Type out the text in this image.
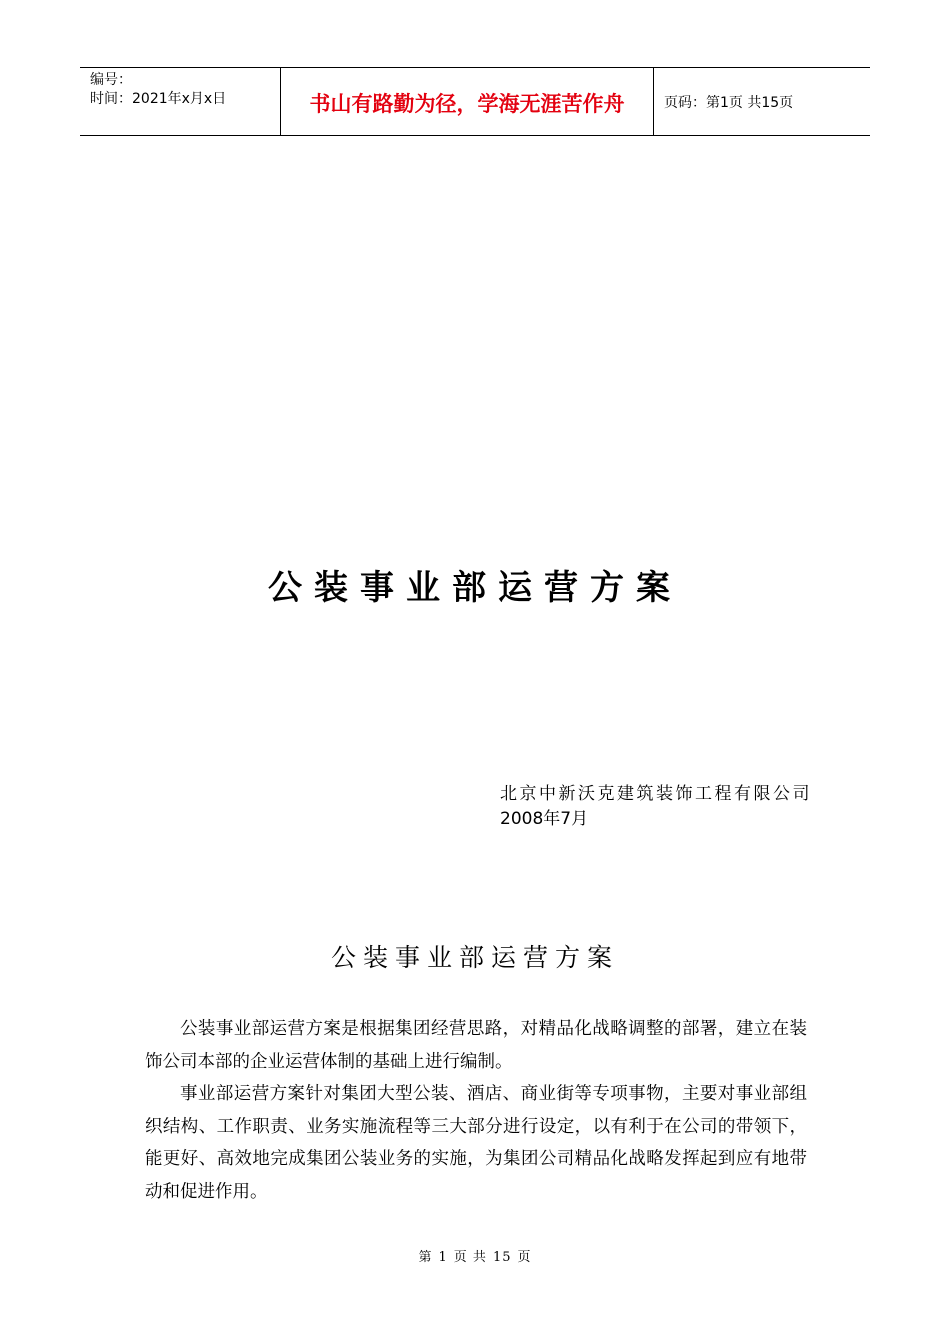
编号：
时间：2021年x月x日	书山有路勤为径，学海无涯苦作舟	页码：第1页 共15页
公装事业部运营方案
北京中新沃克建筑装饰工程有限公司
2008年7月
公装事业部运营方案

公装事业部运营方案是根据集团经营思路，对精品化战略调整的部署，建立在装饰公司本部的企业运营体制的基础上进行编制。

事业部运营方案针对集团大型公装、酒店、商业街等专项事物，主要对事业部组织结构、工作职责、业务实施流程等三大部分进行设定，以有利于在公司的带领下，能更好、高效地完成集团公装业务的实施，为集团公司精品化战略发挥起到应有地带动和促进作用。

第 1 页 共 15 页
